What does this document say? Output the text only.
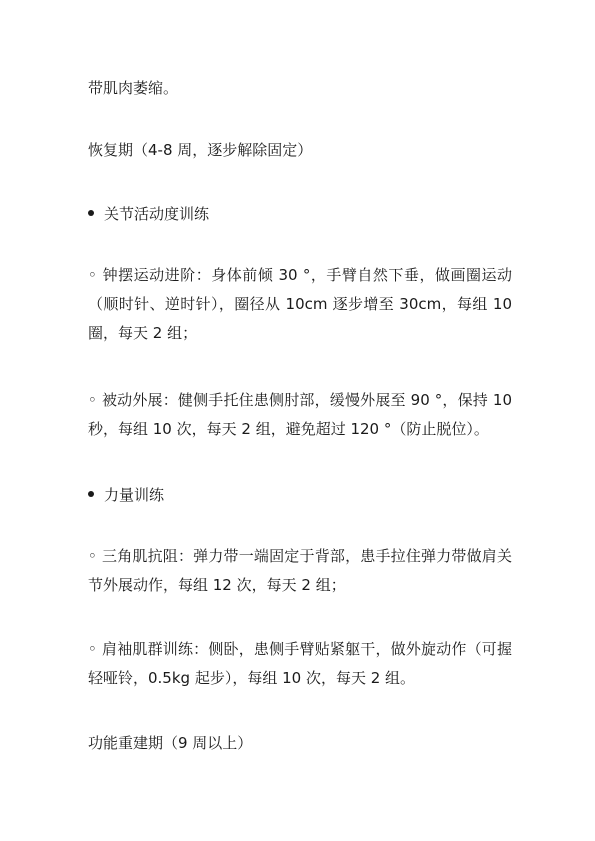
带肌肉萎缩。
恢复期（4-8 周，逐步解除固定）
关节活动度训练
◦ 钟摆运动进阶：身体前倾 30 °，手臂自然下垂，做画圈运动（顺时针、逆时针），圈径从 10cm 逐步增至 30cm，每组 10 圈，每天 2 组；
◦ 被动外展：健侧手托住患侧肘部，缓慢外展至 90 °，保持 10 秒，每组 10 次，每天 2 组，避免超过 120 °（防止脱位）。
力量训练
◦ 三角肌抗阻：弹力带一端固定于背部，患手拉住弹力带做肩关节外展动作，每组 12 次，每天 2 组；
◦ 肩袖肌群训练：侧卧，患侧手臂贴紧躯干，做外旋动作（可握轻哑铃，0.5kg 起步），每组 10 次，每天 2 组。
功能重建期（9 周以上）
